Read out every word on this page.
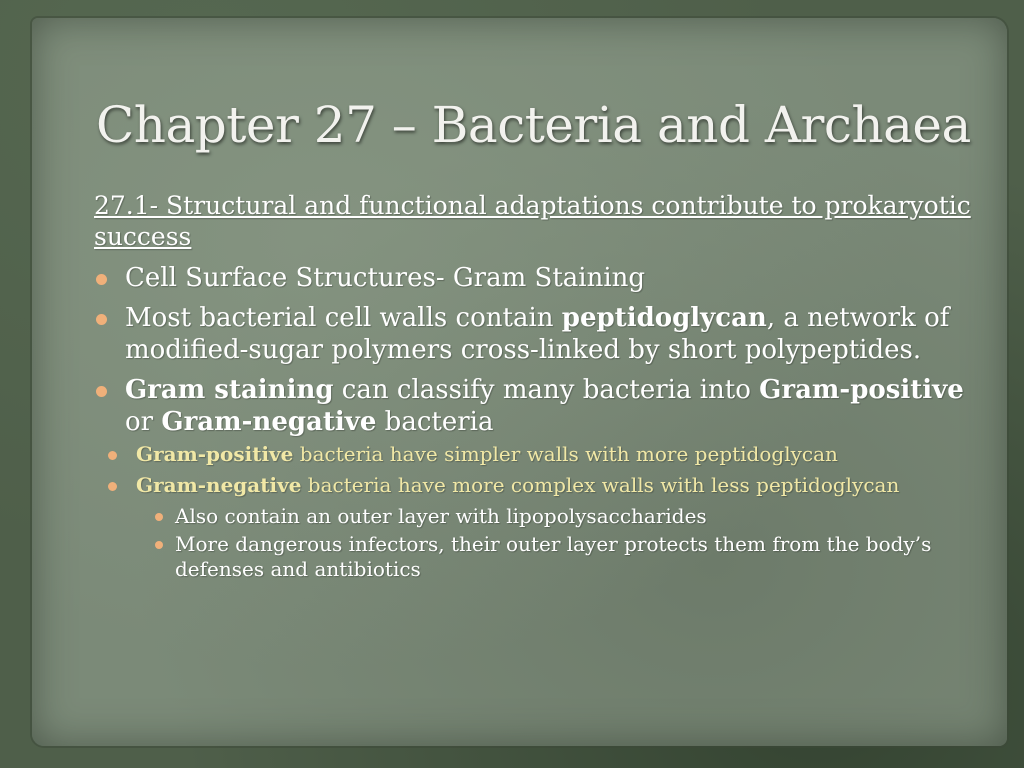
Chapter 27 – Bacteria and Archaea
27.1- Structural and functional adaptations contribute to prokaryotic success
Cell Surface Structures- Gram Staining
Most bacterial cell walls contain peptidoglycan, a network of modified-sugar polymers cross-linked by short polypeptides.
Gram staining can classify many bacteria into Gram-positive or Gram-negative bacteria
Gram-positive bacteria have simpler walls with more peptidoglycan
Gram-negative bacteria have more complex walls with less peptidoglycan
Also contain an outer layer with lipopolysaccharides
More dangerous infectors, their outer layer protects them from the body’s defenses and antibiotics
